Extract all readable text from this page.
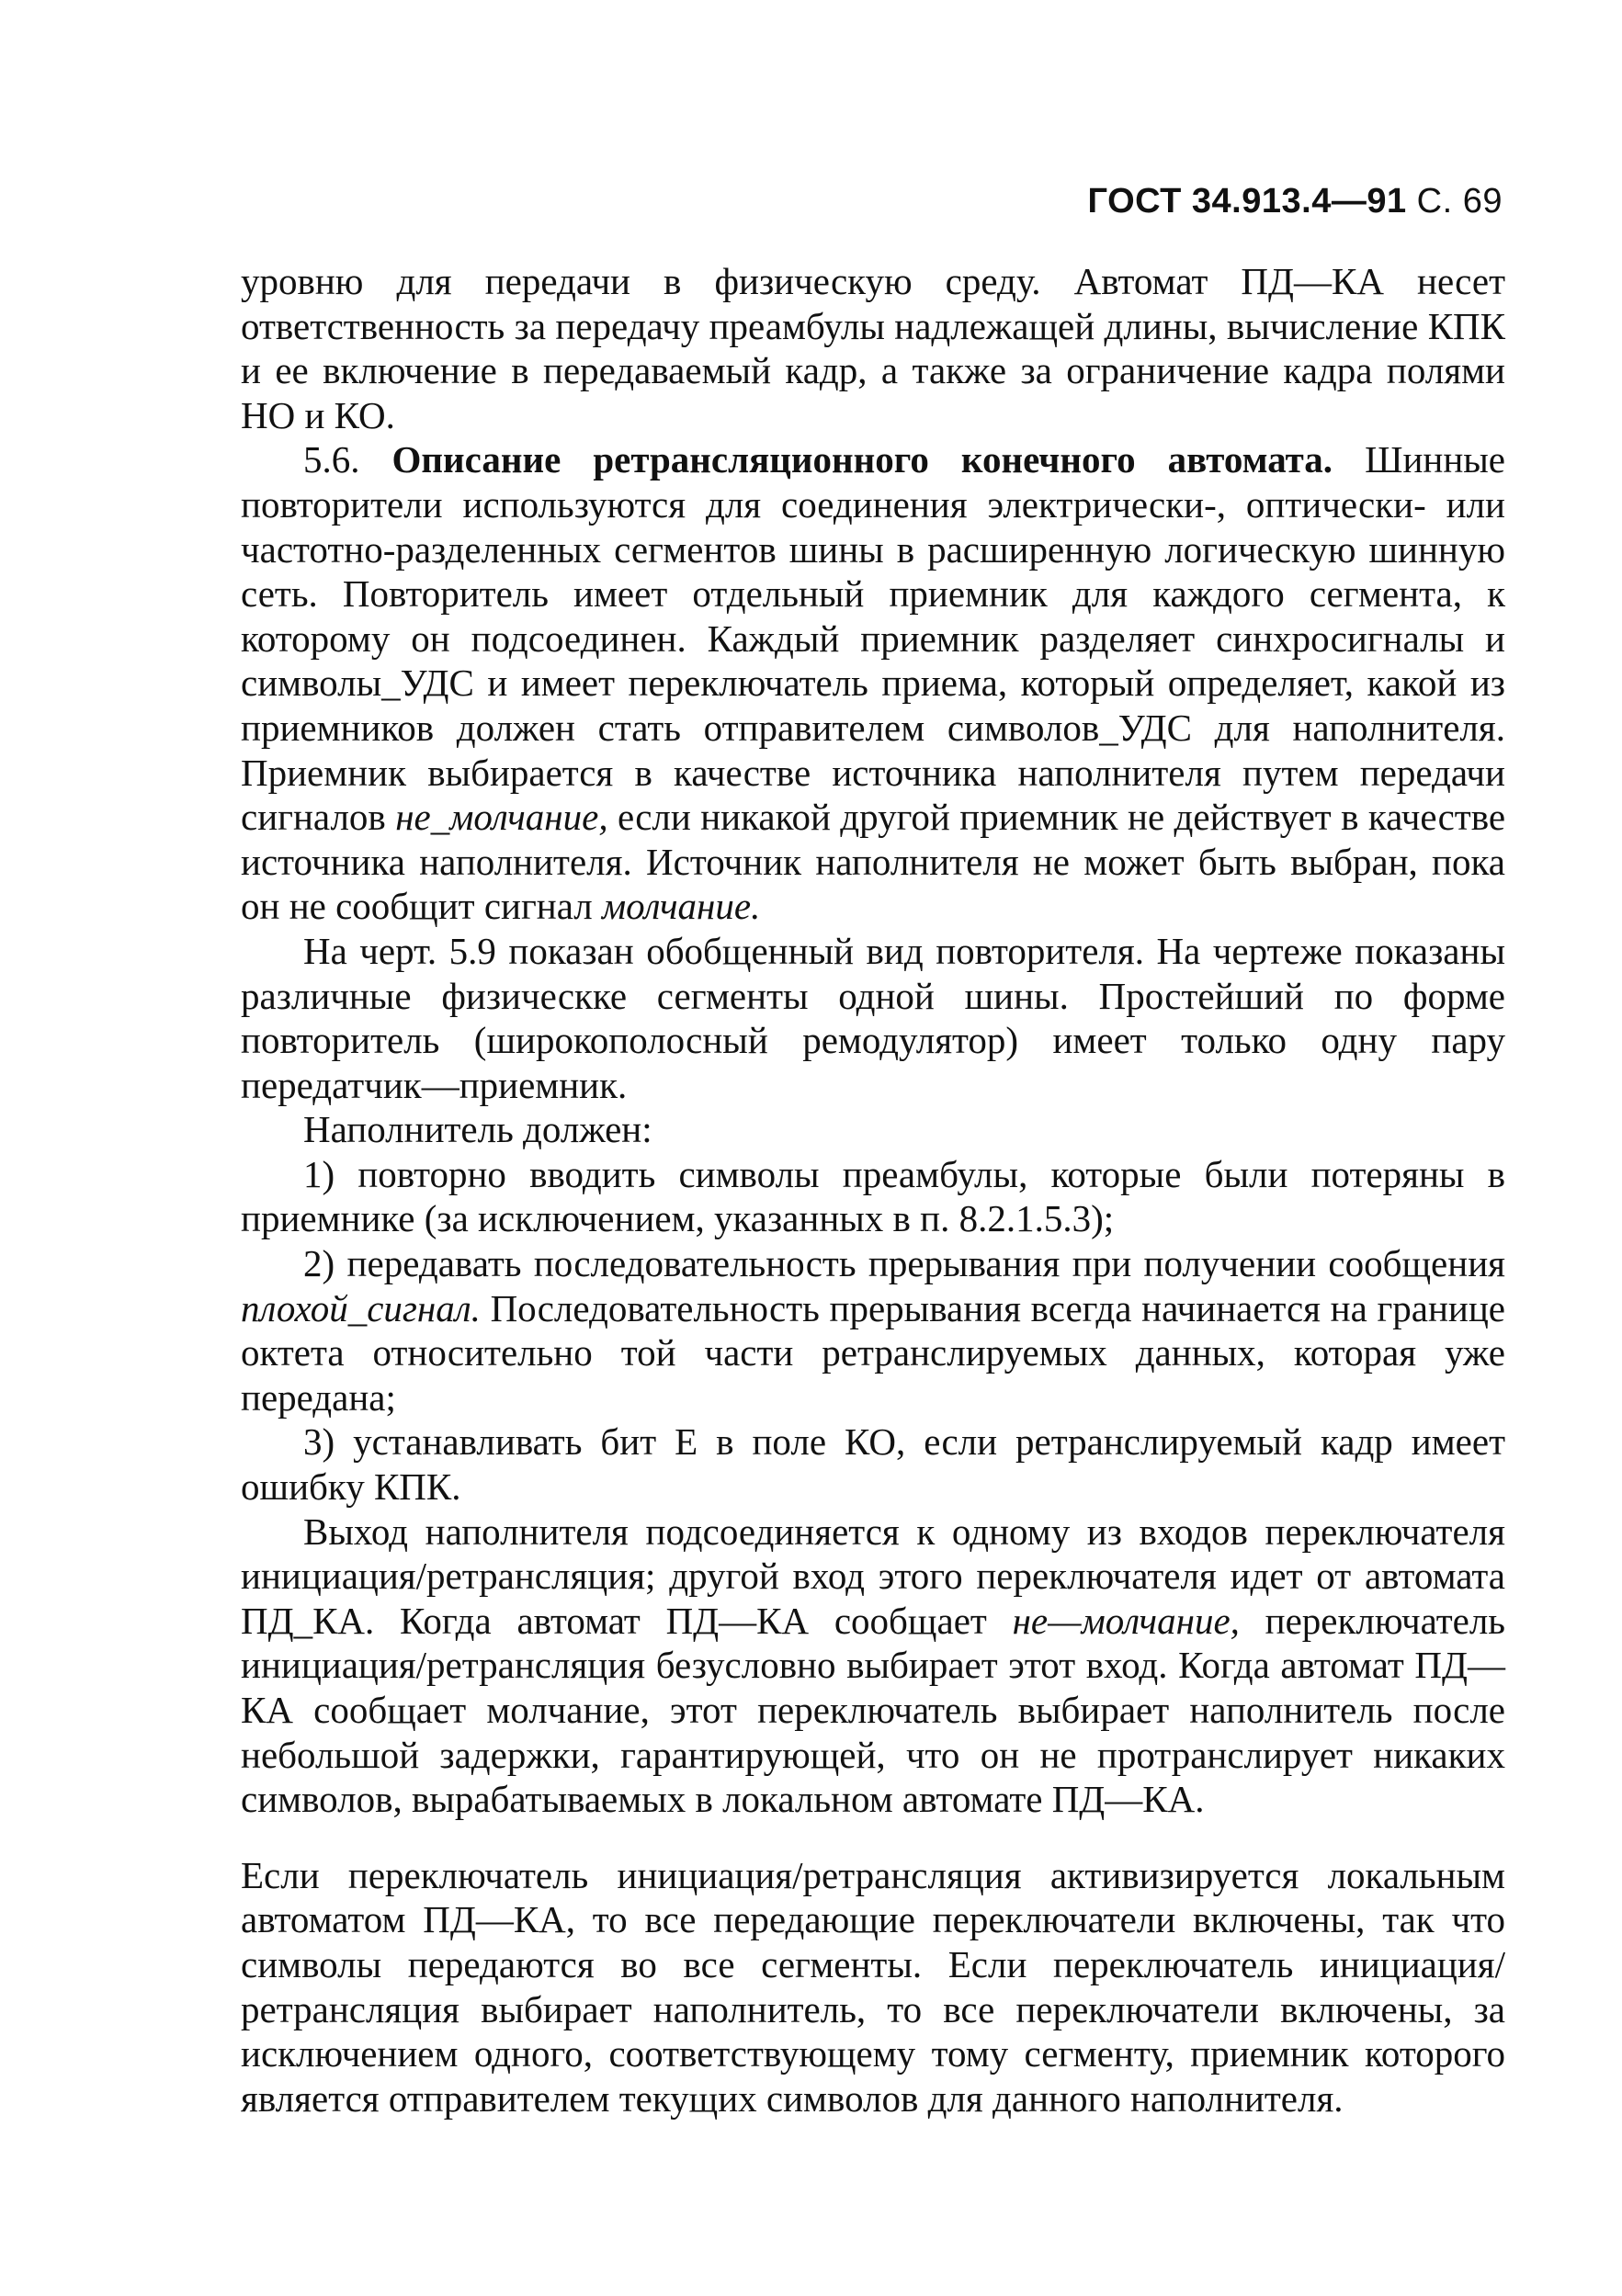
ГОСТ 34.913.4—91 С. 69

уровню для передачи в физическую среду. Автомат ПД—КА несет ответственность за передачу преамбулы надлежащей длины, вычисление КПК и ее включение в передаваемый кадр, а также за ограничение кадра полями НО и КО.

5.6. Описание ретрансляционного конечного автомата. Шинные повторители используются для соединения электрически-, оптически- или частотно-разделенных сегментов шины в расширенную логическую шинную сеть. Повторитель имеет отдельный приемник для каждого сегмента, к которому он подсоединен. Каждый приемник разделяет синхросигналы и символы_УДС и имеет переключатель приема, который определяет, какой из приемников должен стать отправителем символов_УДС для наполнителя. Приемник выбирается в качестве источника наполнителя путем передачи сигналов не_молчание, если никакой другой приемник не действует в качестве источника наполнителя. Источник наполнителя не может быть выбран, пока он не сообщит сигнал молчание.

На черт. 5.9 показан обобщенный вид повторителя. На чертеже показаны различные физическке сегменты одной шины. Простейший по форме повторитель (широкополосный ремодулятор) имеет только одну пару передатчик—приемник.

Наполнитель должен:

1) повторно вводить символы преамбулы, которые были потеряны в приемнике (за исключением, указанных в п. 8.2.1.5.3);

2) передавать последовательность прерывания при получении сообщения плохой_сигнал. Последовательность прерывания всегда начинается на границе октета относительно той части ретранслируемых данных, которая уже передана;

3) устанавливать бит Е в поле КО, если ретранслируемый кадр имеет ошибку КПК.

Выход наполнителя подсоединяется к одному из входов переключателя инициация/ретрансляция; другой вход этого переключателя идет от автомата ПД_КА. Когда автомат ПД—КА сообщает не—молчание, переключатель инициация/ретрансляция безусловно выбирает этот вход. Когда автомат ПД—КА сообщает молчание, этот переключатель выбирает наполнитель после небольшой задержки, гарантирующей, что он не протранслирует никаких символов, вырабатываемых в локальном автомате ПД—КА.

Если переключатель инициация/ретрансляция активизируется локальным автоматом ПД—КА, то все передающие переключатели включены, так что символы передаются во все сегменты. Если переключатель инициация/ретрансляция выбирает наполнитель, то все переключатели включены, за исключением одного, соответствующему тому сегменту, приемник которого является отправителем текущих символов для данного наполнителя.
